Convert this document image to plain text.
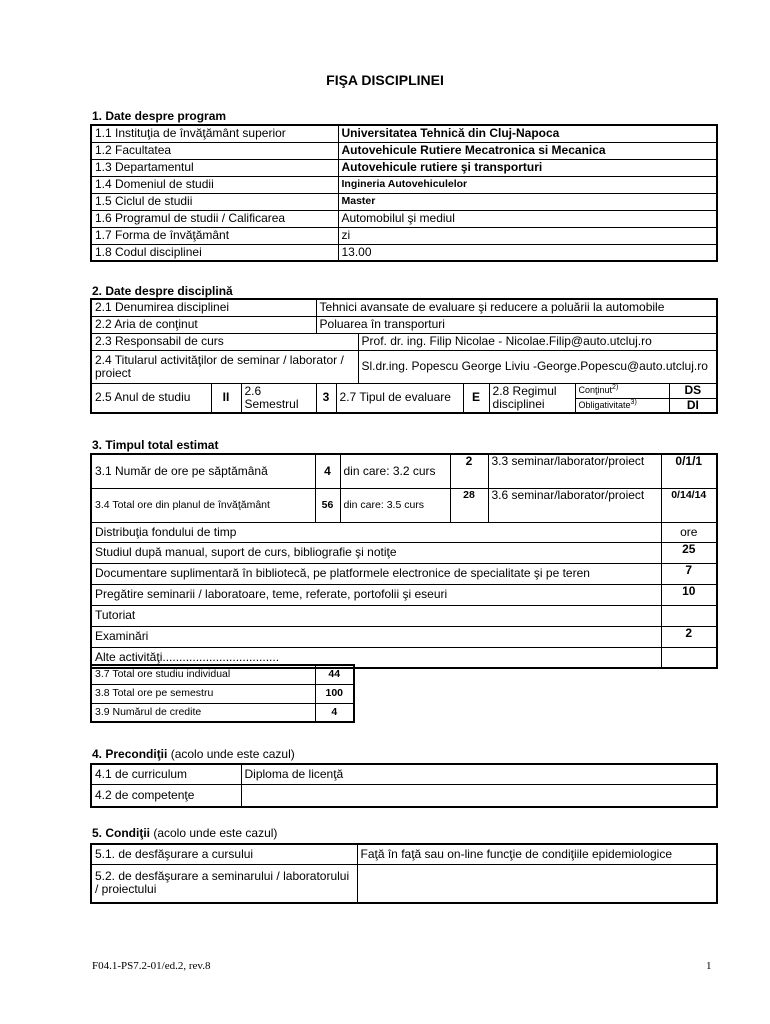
FIŞA DISCIPLINEI
1. Date despre program
1.1 Instituţia de învăţământ superior	Universitatea Tehnică din Cluj-Napoca
1.2 Facultatea	Autovehicule Rutiere Mecatronica si Mecanica
1.3 Departamentul	Autovehicule rutiere şi transporturi
1.4 Domeniul de studii	Ingineria Autovehiculelor
1.5 Ciclul de studii	Master
1.6 Programul de studii / Calificarea	Automobilul şi mediul
1.7 Forma de învăţământ	zi
1.8 Codul disciplinei	13.00
2. Date despre disciplină
2.1 Denumirea disciplinei			Tehnici avansate de evaluare şi reducere a poluării la automobile						
2.2 Aria de conţinut			Poluarea în transporturi						
2.3 Responsabil de curs					Prof. dr. ing. Filip Nicolae - Nicolae.Filip@auto.utcluj.ro				
2.4 Titularul activităţilor de seminar / laborator / proiect					Sl.dr.ing. Popescu George Liviu -George.Popescu@auto.utcluj.ro				
2.5 Anul de studiu	II	2.6 Semestrul	3	2.7 Tipul de evaluare		E	2.8 Regimul disciplinei	Conţinut$^{2)}$	DS
								Obligativitate$^{3)}$	DI
3. Timpul total estimat
3.1 Număr de ore pe săptămână	4	din care: 3.2 curs	2	3.3 seminar/laborator/proiect	0/1/1
3.4 Total ore din planul de învăţământ	56	din care: 3.5 curs	28	3.6 seminar/laborator/proiect	0/14/14
Distribuţia fondului de timp					ore
Studiul după manual, suport de curs, bibliografie şi notiţe					25
Documentare suplimentară în bibliotecă, pe platformele electronice de specialitate şi pe teren					7
Pregătire seminarii / laboratoare, teme, referate, portofolii şi eseuri					10
Tutoriat					
Examinări					2
Alte activităţi...................................					
3.7 Total ore studiu individual	44
3.8 Total ore pe semestru	100
3.9 Numărul de credite	4
4. Precondiţii (acolo unde este cazul)
4.1 de curriculum	Diploma de licenţă
4.2 de competenţe	
5. Condiţii (acolo unde este cazul)
5.1. de desfăşurare a cursului	Faţă în faţă sau on-line funcţie de condiţiile epidemiologice
5.2. de desfăşurare a seminarului / laboratorului / proiectului	
F04.1-PS7.2-01/ed.2, rev.8	1
